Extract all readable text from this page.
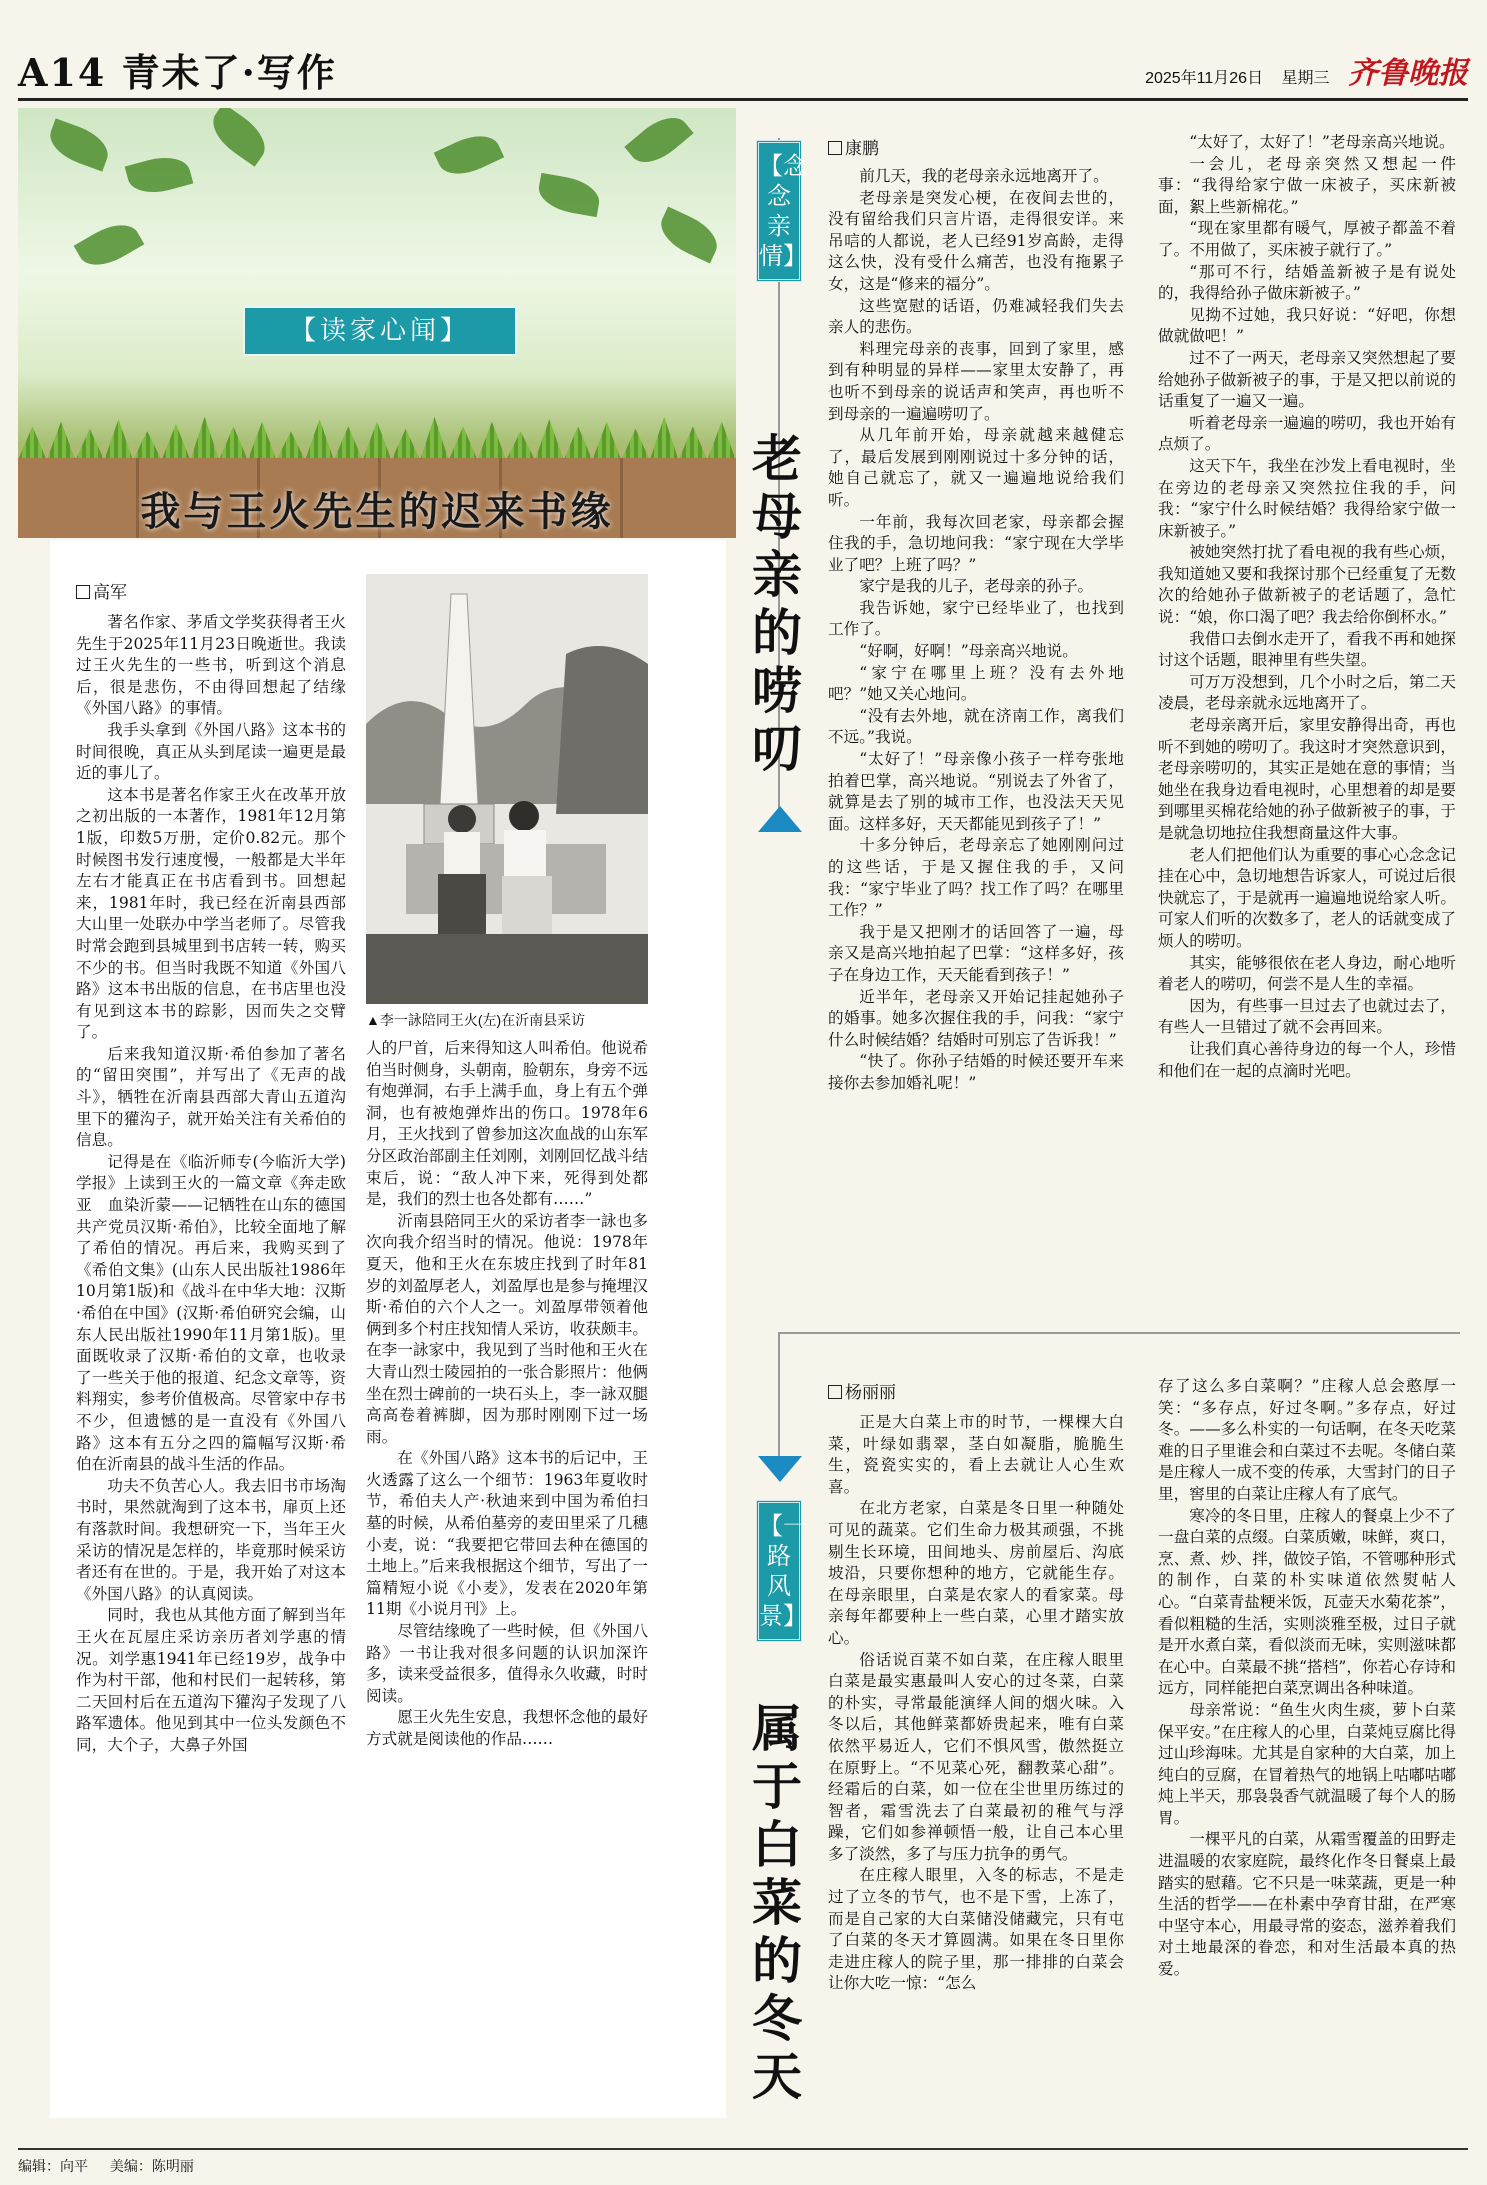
A14 青未了·写作	2025年11月26日 星期三 齐鲁晚报
【读家心闻】
我与王火先生的迟来书缘
高军

著名作家、茅盾文学奖获得者王火先生于2025年11月23日晚逝世。我读过王火先生的一些书，听到这个消息后，很是悲伤，不由得回想起了结缘《外国八路》的事情。

我手头拿到《外国八路》这本书的时间很晚，真正从头到尾读一遍更是最近的事儿了。

这本书是著名作家王火在改革开放之初出版的一本著作，1981年12月第1版，印数5万册，定价0.82元。那个时候图书发行速度慢，一般都是大半年左右才能真正在书店看到书。回想起来，1981年时，我已经在沂南县西部大山里一处联办中学当老师了。尽管我时常会跑到县城里到书店转一转，购买不少的书。但当时我既不知道《外国八路》这本书出版的信息，在书店里也没有见到这本书的踪影，因而失之交臂了。

后来我知道汉斯·希伯参加了著名的“留田突围”，并写出了《无声的战斗》，牺牲在沂南县西部大青山五道沟里下的獾沟子，就开始关注有关希伯的信息。

记得是在《临沂师专(今临沂大学)学报》上读到王火的一篇文章《奔走欧亚　血染沂蒙——记牺牲在山东的德国共产党员汉斯·希伯》，比较全面地了解了希伯的情况。再后来，我购买到了《希伯文集》(山东人民出版社1986年10月第1版)和《战斗在中华大地：汉斯·希伯在中国》(汉斯·希伯研究会编，山东人民出版社1990年11月第1版)。里面既收录了汉斯·希伯的文章，也收录了一些关于他的报道、纪念文章等，资料翔实，参考价值极高。尽管家中存书不少，但遗憾的是一直没有《外国八路》这本有五分之四的篇幅写汉斯·希伯在沂南县的战斗生活的作品。

功夫不负苦心人。我去旧书市场淘书时，果然就淘到了这本书，扉页上还有落款时间。我想研究一下，当年王火采访的情况是怎样的，毕竟那时候采访者还有在世的。于是，我开始了对这本《外国八路》的认真阅读。

同时，我也从其他方面了解到当年王火在瓦屋庄采访亲历者刘学惠的情况。刘学惠1941年已经19岁，战争中作为村干部，他和村民们一起转移，第二天回村后在五道沟下獾沟子发现了八路军遗体。他见到其中一位头发颜色不同，大个子，大鼻子外国

▲李一詠陪同王火(左)在沂南县采访

人的尸首，后来得知这人叫希伯。他说希伯当时侧身，头朝南，脸朝东，身旁不远有炮弹洞，右手上满手血，身上有五个弹洞，也有被炮弹炸出的伤口。1978年6月，王火找到了曾参加这次血战的山东军分区政治部副主任刘刚，刘刚回忆战斗结束后，说：“敌人冲下来，死得到处都是，我们的烈士也各处都有……”

沂南县陪同王火的采访者李一詠也多次向我介绍当时的情况。他说：1978年夏天，他和王火在东坡庄找到了时年81岁的刘盈厚老人，刘盈厚也是参与掩埋汉斯·希伯的六个人之一。刘盈厚带领着他俩到多个村庄找知情人采访，收获颇丰。在李一詠家中，我见到了当时他和王火在大青山烈士陵园拍的一张合影照片：他俩坐在烈士碑前的一块石头上，李一詠双腿高高卷着裤脚，因为那时刚刚下过一场雨。

在《外国八路》这本书的后记中，王火透露了这么一个细节：1963年夏收时节，希伯夫人产·秋迪来到中国为希伯扫墓的时候，从希伯墓旁的麦田里采了几穗小麦，说：“我要把它带回去种在德国的土地上。”后来我根据这个细节，写出了一篇精短小说《小麦》，发表在2020年第11期《小说月刊》上。

尽管结缘晚了一些时候，但《外国八路》一书让我对很多问题的认识加深许多，读来受益很多，值得永久收藏，时时阅读。

愿王火先生安息，我想怀念他的最好方式就是阅读他的作品……

【念念亲情】
老母亲的唠叨
康鹏

前几天，我的老母亲永远地离开了。

老母亲是突发心梗，在夜间去世的，没有留给我们只言片语，走得很安详。来吊唁的人都说，老人已经91岁高龄，走得这么快，没有受什么痛苦，也没有拖累子女，这是“修来的福分”。

这些宽慰的话语，仍难减轻我们失去亲人的悲伤。

料理完母亲的丧事，回到了家里，感到有种明显的异样——家里太安静了，再也听不到母亲的说话声和笑声，再也听不到母亲的一遍遍唠叨了。

从几年前开始，母亲就越来越健忘了，最后发展到刚刚说过十多分钟的话，她自己就忘了，就又一遍遍地说给我们听。

一年前，我每次回老家，母亲都会握住我的手，急切地问我：“家宁现在大学毕业了吧？上班了吗？”

家宁是我的儿子，老母亲的孙子。

我告诉她，家宁已经毕业了，也找到工作了。

“好啊，好啊！”母亲高兴地说。

“家宁在哪里上班？没有去外地吧？”她又关心地问。

“没有去外地，就在济南工作，离我们不远。”我说。

“太好了！”母亲像小孩子一样夸张地拍着巴掌，高兴地说。“别说去了外省了，就算是去了别的城市工作，也没法天天见面。这样多好，天天都能见到孩子了！”

十多分钟后，老母亲忘了她刚刚问过的这些话，于是又握住我的手，又问我：“家宁毕业了吗？找工作了吗？在哪里工作？”

我于是又把刚才的话回答了一遍，母亲又是高兴地拍起了巴掌：“这样多好，孩子在身边工作，天天能看到孩子！”

近半年，老母亲又开始记挂起她孙子的婚事。她多次握住我的手，问我：“家宁什么时候结婚？结婚时可别忘了告诉我！”

“快了。你孙子结婚的时候还要开车来接你去参加婚礼呢！”

“太好了，太好了！”老母亲高兴地说。

一会儿，老母亲突然又想起一件事：“我得给家宁做一床被子，买床新被面，絮上些新棉花。”

“现在家里都有暖气，厚被子都盖不着了。不用做了，买床被子就行了。”

“那可不行，结婚盖新被子是有说处的，我得给孙子做床新被子。”

见拗不过她，我只好说：“好吧，你想做就做吧！”

过不了一两天，老母亲又突然想起了要给她孙子做新被子的事，于是又把以前说的话重复了一遍又一遍。

听着老母亲一遍遍的唠叨，我也开始有点烦了。

这天下午，我坐在沙发上看电视时，坐在旁边的老母亲又突然拉住我的手，问我：“家宁什么时候结婚？我得给家宁做一床新被子。”

被她突然打扰了看电视的我有些心烦，我知道她又要和我探讨那个已经重复了无数次的给她孙子做新被子的老话题了，急忙说：“娘，你口渴了吧？我去给你倒杯水。”

我借口去倒水走开了，看我不再和她探讨这个话题，眼神里有些失望。

可万万没想到，几个小时之后，第二天凌晨，老母亲就永远地离开了。

老母亲离开后，家里安静得出奇，再也听不到她的唠叨了。我这时才突然意识到，老母亲唠叨的，其实正是她在意的事情；当她坐在我身边看电视时，心里想着的却是要到哪里买棉花给她的孙子做新被子的事，于是就急切地拉住我想商量这件大事。

老人们把他们认为重要的事心心念念记挂在心中，急切地想告诉家人，可说过后很快就忘了，于是就再一遍遍地说给家人听。可家人们听的次数多了，老人的话就变成了烦人的唠叨。

其实，能够很依在老人身边，耐心地听着老人的唠叨，何尝不是人生的幸福。

因为，有些事一旦过去了也就过去了，有些人一旦错过了就不会再回来。

让我们真心善待身边的每一个人，珍惜和他们在一起的点滴时光吧。

【一路风景】
属于白菜的冬天
杨丽丽

正是大白菜上市的时节，一棵棵大白菜，叶绿如翡翠，茎白如凝脂，脆脆生生，瓷瓷实实的，看上去就让人心生欢喜。

在北方老家，白菜是冬日里一种随处可见的蔬菜。它们生命力极其顽强，不挑剔生长环境，田间地头、房前屋后、沟底坡沿，只要你想种的地方，它就能生存。在母亲眼里，白菜是农家人的看家菜。母亲每年都要种上一些白菜，心里才踏实放心。

俗话说百菜不如白菜，在庄稼人眼里白菜是最实惠最叫人安心的过冬菜，白菜的朴实，寻常最能演绎人间的烟火味。入冬以后，其他鲜菜都娇贵起来，唯有白菜依然平易近人，它们不惧风雪，傲然挺立在原野上。“不见菜心死，翻教菜心甜”。经霜后的白菜，如一位在尘世里历练过的智者，霜雪洗去了白菜最初的稚气与浮躁，它们如参禅顿悟一般，让自己本心里多了淡然，多了与压力抗争的勇气。

在庄稼人眼里，入冬的标志，不是走过了立冬的节气，也不是下雪，上冻了，而是自己家的大白菜储没储藏完，只有屯了白菜的冬天才算圆满。如果在冬日里你走进庄稼人的院子里，那一排排的白菜会让你大吃一惊：“怎么

存了这么多白菜啊？”庄稼人总会憨厚一笑：“多存点，好过冬啊。”多存点，好过冬。——多么朴实的一句话啊，在冬天吃菜难的日子里谁会和白菜过不去呢。冬储白菜是庄稼人一成不变的传承，大雪封门的日子里，窖里的白菜让庄稼人有了底气。

寒冷的冬日里，庄稼人的餐桌上少不了一盘白菜的点缀。白菜质嫩，味鲜，爽口，烹、煮、炒、拌，做饺子馅，不管哪种形式的制作，白菜的朴实味道依然熨帖人心。“白菜青盐粳米饭，瓦壶天水菊花茶”，看似粗糙的生活，实则淡雅至极，过日子就是开水煮白菜，看似淡而无味，实则滋味都在心中。白菜最不挑“搭档”，你若心存诗和远方，同样能把白菜烹调出各种味道。

母亲常说：“鱼生火肉生痰，萝卜白菜保平安。”在庄稼人的心里，白菜炖豆腐比得过山珍海味。尤其是自家种的大白菜，加上纯白的豆腐，在冒着热气的地锅上咕嘟咕嘟炖上半天，那袅袅香气就温暖了每个人的肠胃。

一棵平凡的白菜，从霜雪覆盖的田野走进温暖的农家庭院，最终化作冬日餐桌上最踏实的慰藉。它不只是一味菜蔬，更是一种生活的哲学——在朴素中孕育甘甜，在严寒中坚守本心，用最寻常的姿态，滋养着我们对土地最深的眷恋，和对生活最本真的热爱。

编辑：向平 美编：陈明丽
